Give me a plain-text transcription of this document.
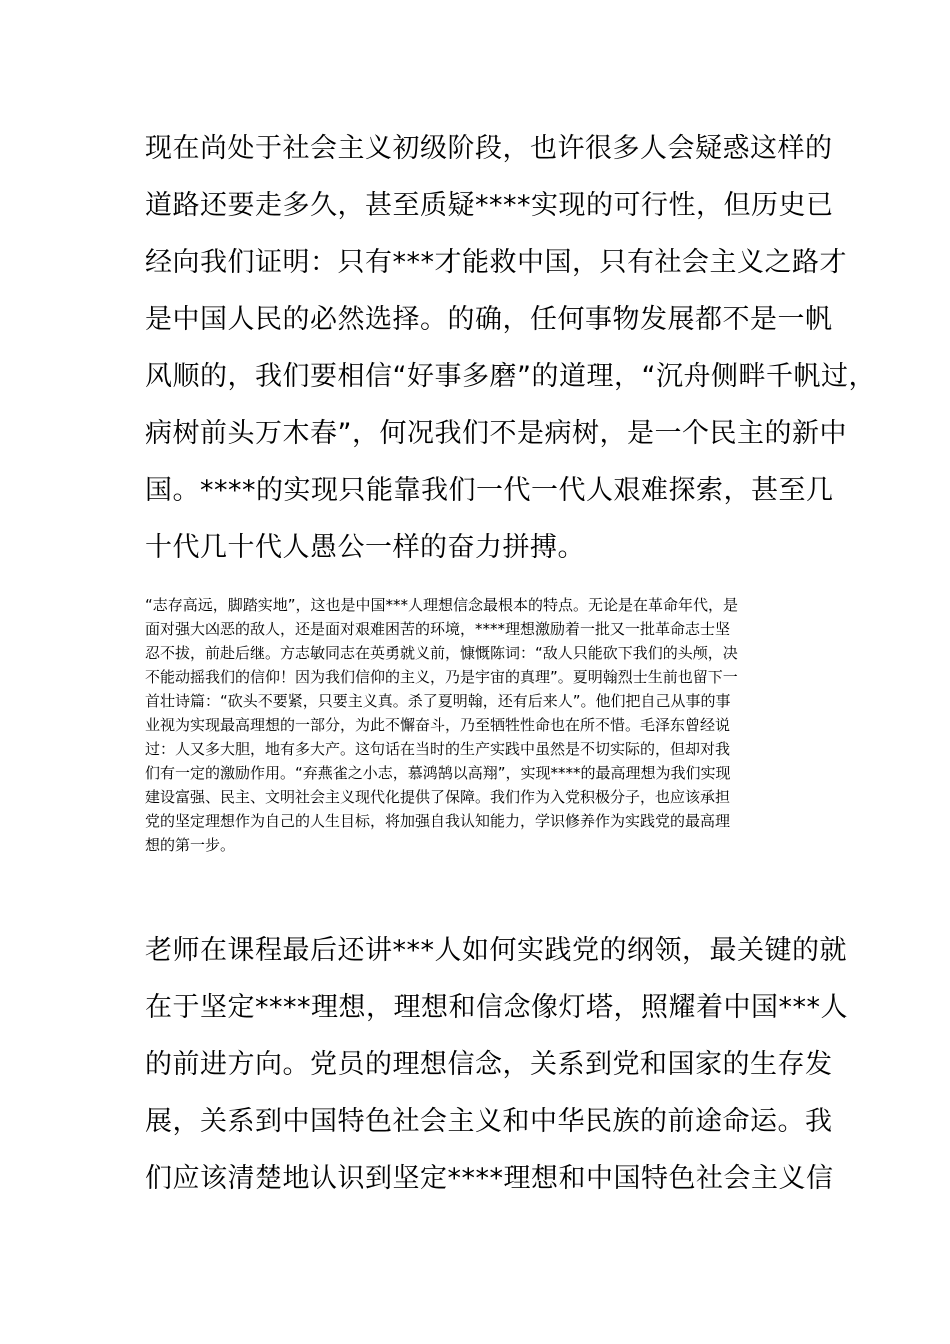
现在尚处于社会主义初级阶段，也许很多人会疑惑这样的
道路还要走多久，甚至质疑****实现的可行性，但历史已
经向我们证明：只有***才能救中国，只有社会主义之路才
是中国人民的必然选择。的确，任何事物发展都不是一帆
风顺的，我们要相信“好事多磨”的道理，“沉舟侧畔千帆过，
病树前头万木春”，何况我们不是病树，是一个民主的新中
国。****的实现只能靠我们一代一代人艰难探索，甚至几
十代几十代人愚公一样的奋力拼搏。
“志存高远，脚踏实地”，这也是中国***人理想信念最根本的特点。无论是在革命年代，是
面对强大凶恶的敌人，还是面对艰难困苦的环境，****理想激励着一批又一批革命志士坚
忍不拔，前赴后继。方志敏同志在英勇就义前，慷慨陈词：“敌人只能砍下我们的头颅，决
不能动摇我们的信仰！因为我们信仰的主义，乃是宇宙的真理”。夏明翰烈士生前也留下一
首壮诗篇：“砍头不要紧，只要主义真。杀了夏明翰，还有后来人”。他们把自己从事的事
业视为实现最高理想的一部分，为此不懈奋斗，乃至牺牲性命也在所不惜。毛泽东曾经说
过：人又多大胆，地有多大产。这句话在当时的生产实践中虽然是不切实际的，但却对我
们有一定的激励作用。“弃燕雀之小志，慕鸿鹄以高翔”，实现****的最高理想为我们实现
建设富强、民主、文明社会主义现代化提供了保障。我们作为入党积极分子，也应该承担
党的坚定理想作为自己的人生目标，将加强自我认知能力，学识修养作为实践党的最高理
想的第一步。
老师在课程最后还讲***人如何实践党的纲领，最关键的就
在于坚定****理想，理想和信念像灯塔，照耀着中国***人
的前进方向。党员的理想信念，关系到党和国家的生存发
展，关系到中国特色社会主义和中华民族的前途命运。我
们应该清楚地认识到坚定****理想和中国特色社会主义信
